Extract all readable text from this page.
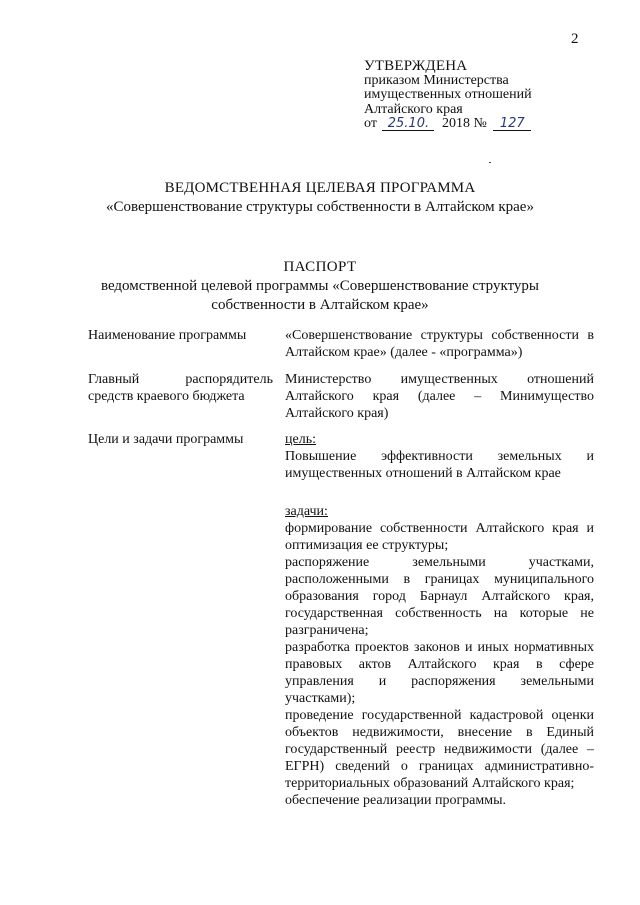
2
УТВЕРЖДЕНА
приказом Министерства
имущественных отношений
Алтайского края
от 25.10. 2018 № 127
ВЕДОМСТВЕННАЯ ЦЕЛЕВАЯ ПРОГРАММА
«Совершенствование структуры собственности в Алтайском крае»
ПАСПОРТ
ведомственной целевой программы «Совершенствование структуры
собственности в Алтайском крае»
Наименование программы	«Совершенствование структуры собственности в
Алтайском крае» (далее - «программа»)
Главный распорядитель
средств краевого бюджета
Министерство имущественных отношений
Алтайского края (далее – Минимущество
Алтайского края)
Цели и задачи программы	цель:
Повышение эффективности земельных и
имущественных отношений в Алтайском крае
задачи:
формирование собственности Алтайского края и
оптимизация ее структуры;
распоряжение земельными участками,
расположенными в границах муниципального
образования город Барнаул Алтайского края,
государственная собственность на которые не
разграничена;
разработка проектов законов и иных нормативных
правовых актов Алтайского края в сфере
управления и распоряжения земельными
участками);
проведение государственной кадастровой оценки
объектов недвижимости, внесение в Единый
государственный реестр недвижимости (далее –
ЕГРН) сведений о границах административно-
территориальных образований Алтайского края;
обеспечение реализации программы.
